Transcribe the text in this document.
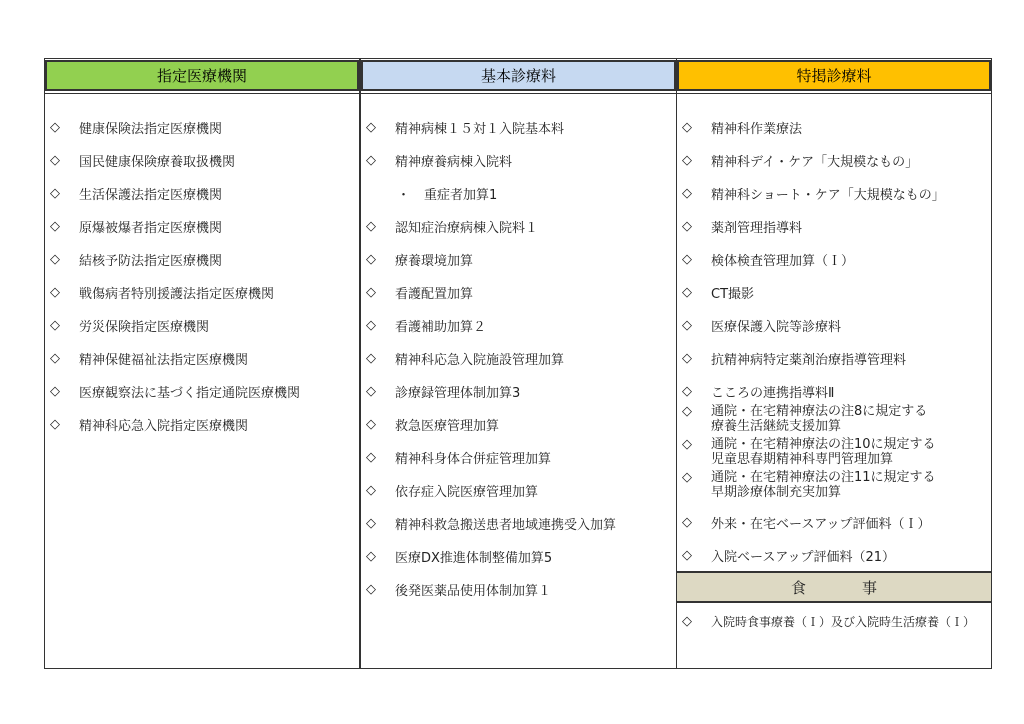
指定医療機関
◇	健康保険法指定医療機関
◇	国民健康保険療養取扱機関
◇	生活保護法指定医療機関
◇	原爆被爆者指定医療機関
◇	結核予防法指定医療機関
◇	戦傷病者特別援護法指定医療機関
◇	労災保険指定医療機関
◇	精神保健福祉法指定医療機関
◇	医療観察法に基づく指定通院医療機関
◇	精神科応急入院指定医療機関
基本診療料
◇	精神病棟１５対１入院基本料
◇	精神療養病棟入院料
・ 重症者加算1
◇	認知症治療病棟入院料１
◇	療養環境加算
◇	看護配置加算
◇	看護補助加算２
◇	精神科応急入院施設管理加算
◇	診療録管理体制加算3
◇	救急医療管理加算
◇	精神科身体合併症管理加算
◇	依存症入院医療管理加算
◇	精神科救急搬送患者地域連携受入加算
◇	医療DX推進体制整備加算5
◇	後発医薬品使用体制加算１
特掲診療料
◇	精神科作業療法
◇	精神科デイ・ケア「大規模なもの」
◇	精神科ショート・ケア「大規模なもの」
◇	薬剤管理指導料
◇	検体検査管理加算（Ｉ）
◇	CT撮影
◇	医療保護入院等診療料
◇	抗精神病特定薬剤治療指導管理料
◇	こころの連携指導料Ⅱ
◇	通院・在宅精神療法の注8に規定する
療養生活継続支援加算
◇	通院・在宅精神療法の注10に規定する
児童思春期精神科専門管理加算
◇	通院・在宅精神療法の注11に規定する
早期診療体制充実加算
◇	外来・在宅ベースアップ評価料（Ｉ）
◇	入院ベースアップ評価料（21）
食	事
◇	入院時食事療養（Ｉ）及び入院時生活療養（Ｉ）
